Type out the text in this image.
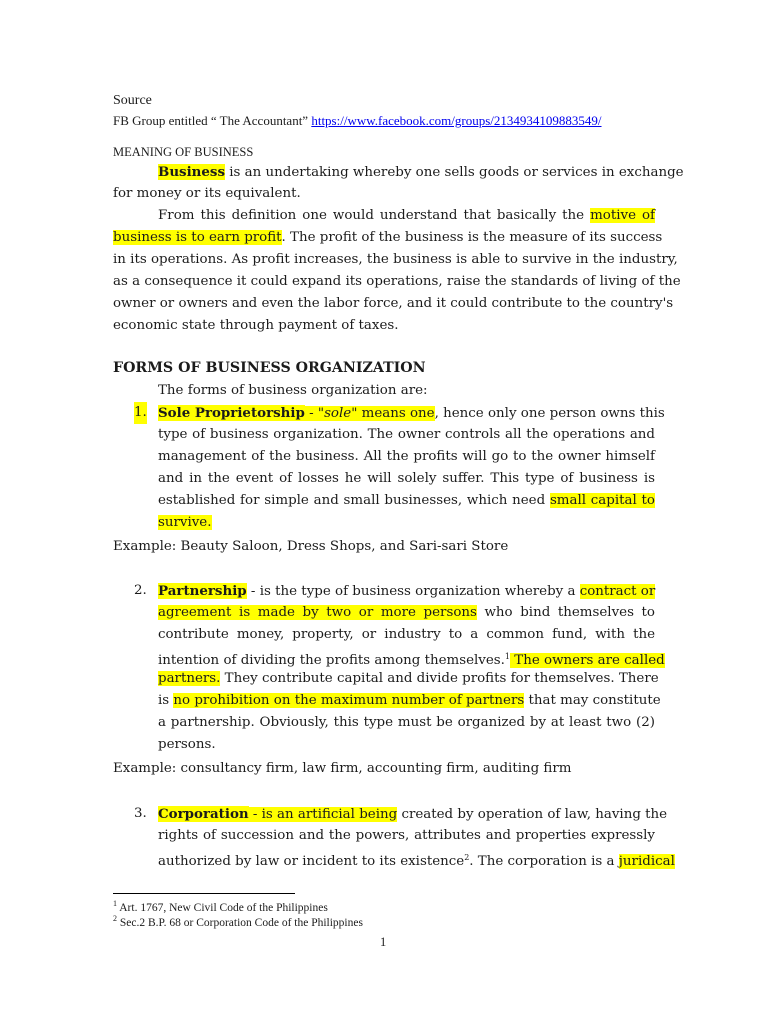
Source
FB Group entitled “ The Accountant” https://www.facebook.com/groups/2134934109883549/
MEANING OF BUSINESS
Business is an undertaking whereby one sells goods or services in exchange
for money or its equivalent.
From this definition one would understand that basically the motive of
business is to earn profit. The profit of the business is the measure of its success
in its operations. As profit increases, the business is able to survive in the industry,
as a consequence it could expand its operations, raise the standards of living of the
owner or owners and even the labor force, and it could contribute to the country's
economic state through payment of taxes.
FORMS OF BUSINESS ORGANIZATION
The forms of business organization are:
1. Sole Proprietorship - "sole" means one, hence only one person owns this
type of business organization. The owner controls all the operations and
management of the business. All the profits will go to the owner himself
and in the event of losses he will solely suffer. This type of business is
established for simple and small businesses, which need small capital to
survive.
Example: Beauty Saloon, Dress Shops, and Sari-sari Store
2. Partnership - is the type of business organization whereby a contract or
agreement is made by two or more persons who bind themselves to
contribute money, property, or industry to a common fund, with the
intention of dividing the profits among themselves.$^1$ The owners are called
partners. They contribute capital and divide profits for themselves. There
is no prohibition on the maximum number of partners that may constitute
a partnership. Obviously, this type must be organized by at least two (2)
persons.
Example: consultancy firm, law firm, accounting firm, auditing firm
3. Corporation - is an artificial being created by operation of law, having the
rights of succession and the powers, attributes and properties expressly
authorized by law or incident to its existence$^2$. The corporation is a juridical
$^1$ Art. 1767, New Civil Code of the Philippines
$^2$ Sec.2 B.P. 68 or Corporation Code of the Philippines
1
